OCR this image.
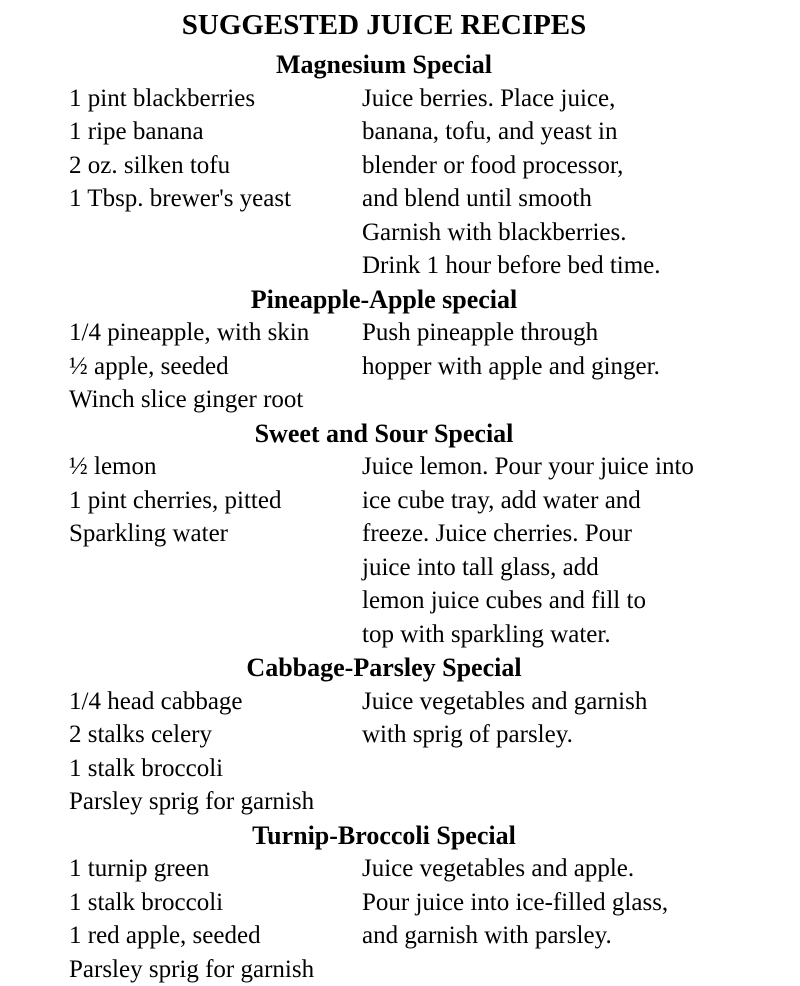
SUGGESTED JUICE RECIPES
Magnesium Special
1 pint blackberries
1 ripe banana
2 oz. silken tofu
1 Tbsp. brewer's yeast
Juice berries. Place juice,
banana, tofu, and yeast in
blender or food processor,
and blend until smooth
Garnish with blackberries.
Drink 1 hour before bed time.
Pineapple-Apple special
1/4 pineapple, with skin
½ apple, seeded
Winch slice ginger root
Push pineapple through
hopper with apple and ginger.
Sweet and Sour Special
½ lemon
1 pint cherries, pitted
Sparkling water
Juice lemon. Pour your juice into
ice cube tray, add water and
freeze. Juice cherries. Pour
juice into tall glass, add
lemon juice cubes and fill to
top with sparkling water.
Cabbage-Parsley Special
1/4 head cabbage
2 stalks celery
1 stalk broccoli
Parsley sprig for garnish
Juice vegetables and garnish
with sprig of parsley.
Turnip-Broccoli Special
1 turnip green
1 stalk broccoli
1 red apple, seeded
Parsley sprig for garnish
Juice vegetables and apple.
Pour juice into ice-filled glass,
and garnish with parsley.
